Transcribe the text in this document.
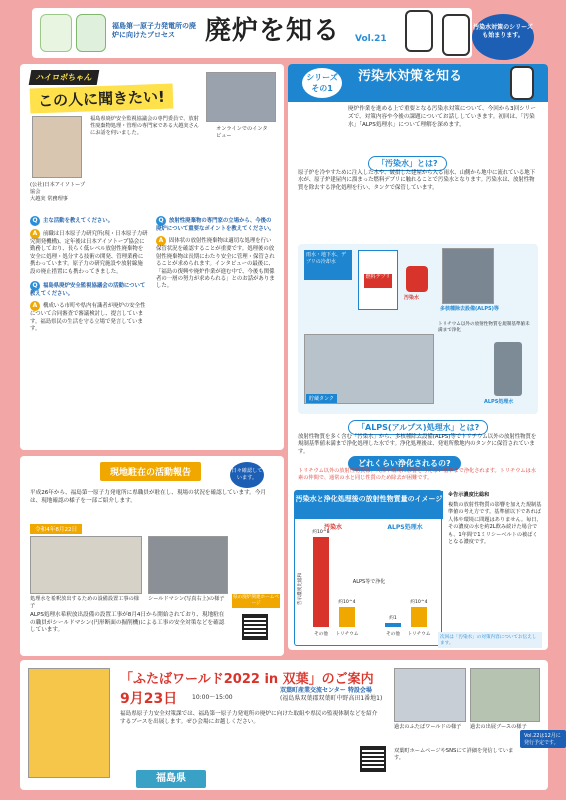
福島第一原子力発電所の廃炉に向けたプロセス	廃炉を知る Vol.21
汚染水対策のシリーズも始まります。
ハイロポちゃん
この人に聞きたい!
(公社)日本アイソトープ協会
大越実 常務理事
福島県廃炉安全監視協議会の専門委員で、放射性廃棄物処理・管理の専門家である大越実さんにお話を伺いました。
オンラインでのインタビュー
Q 主な活動を教えてください。
A 前職は日本原子力研究所(現・日本原子力研究開発機構)、定年後は日本アイソトープ協会に勤務しており、長らく低レベル放射性廃棄物を安全に処理・処分する技術の開発、管理業務に携わっています。原子力の研究施設や放射線施設の廃止措置にも携わってきました。
Q 福島県廃炉安全監視協議会の活動について教えてください。
A 構成いる市町や県内有識者が廃炉の安全性について合同審査で審議検討し、提言しています。福島県民の生活を守る立場で発言しています。
Q 放射性廃棄物の専門家の立場から、今後の廃炉について重要なポイントを教えてください。
A 固体状の放射性廃棄物は適切な処理を行い保管状況を確認することが重要です。処理後の放射性廃棄物は長期にわたり安全に管理・保管されることが求められます。インタビューの最後に、「福島の復興や廃炉作業が進む中で、今後も関係者の一層の努力が求められる」とのお話がありました。
現地駐在の活動報告	日々確認しています。
平成26年から、福島第一原子力発電所に県職員が駐在し、現場の状況を確認しています。今月は、現地確認の様子を一部ご紹介します。
令和4年8月22日
処理水を希釈放出するための設備設置工事の様子
シールドマシン(写真右上)の様子
ALPS処理水希釈放出設備の設置工事が8月4日から開始されており、現地駐在の職員がシールドマシン(円形断面の掘削機)による工事の安全対策などを確認しています。
県の廃炉関連ホームページ
シリーズ その1
汚染水対策を知る
廃炉作業を進める上で重要となる汚染水対策について、今回から3回シリーズで、対策内容や今後の課題についてお話ししていきます。初回は、「汚染水」「ALPS処理水」について理解を深めます。
「汚染水」とは?
原子炉を冷やすために注入した水や、破損した建屋から入る雨水、山側から地中に流れている地下水が、原子炉建屋内に溜まった燃料デブリに触れることで汚染水となります。汚染水は、放射性物質を除去する浄化処理を行い、タンクで保管しています。
雨水・地下水、デブリの冷却水
燃料デブリ
汚染水
多核種除去設備(ALPS)等
トリチウム以外の放射性物質を規制基準値未満まで浄化
貯蔵タンク	ALPS処理水
「ALPS(アルプス)処理水」とは?
放射性物質を多く含む「汚染水」から、多核種除去設備(ALPS)等でトリチウム以外の放射性物質を規制基準値未満まで浄化処理した水です。浄化処理後は、発電所敷地内のタンクに保管されています。
どれくらい浄化されるの?
トリチウム以外の放射性物質は、人体や環境に影響を与えない基準まで浄化されます。トリチウムは水素の仲間で、通常の水と同じ性質のため除去が困難です。
汚染水と浄化処理後の放射性物質量のイメージ
汚染水
約10^8
その他
約10^4
トリチウム
ALPS処理水
約1
その他
約10^4
トリチウム
ALPS等で浄化
告示濃度比総和
※告示濃度比総和
複数の放射性物質の影響を加えた規制基準値の考え方です。基準値以下であれば人体や環境に問題はありません。毎日、その濃度の水を約2L飲み続けた場合でも、1年間で1ミリシーベルトの被ばくとなる濃度です。
次回は「汚染水」の対策内容についてお伝えします。
「ふたばワールド2022 in 双葉」のご案内
9月23日 10:00〜15:00
双葉町産業交流センター 特設会場
(福島県双葉郡双葉町中野高田1番地1)
福島県原子力安全対策課では、福島第一原子力発電所の廃炉に向けた取組や県民の監視体制などを紹介するブースを出展します。ぜひ会場にお越しください。
過去のふたばワールドの様子	過去の出展ブースの様子
双葉町ホームページやSNSにて詳細を発信しています。
福島県
Vol.22は12月に発行予定です。
